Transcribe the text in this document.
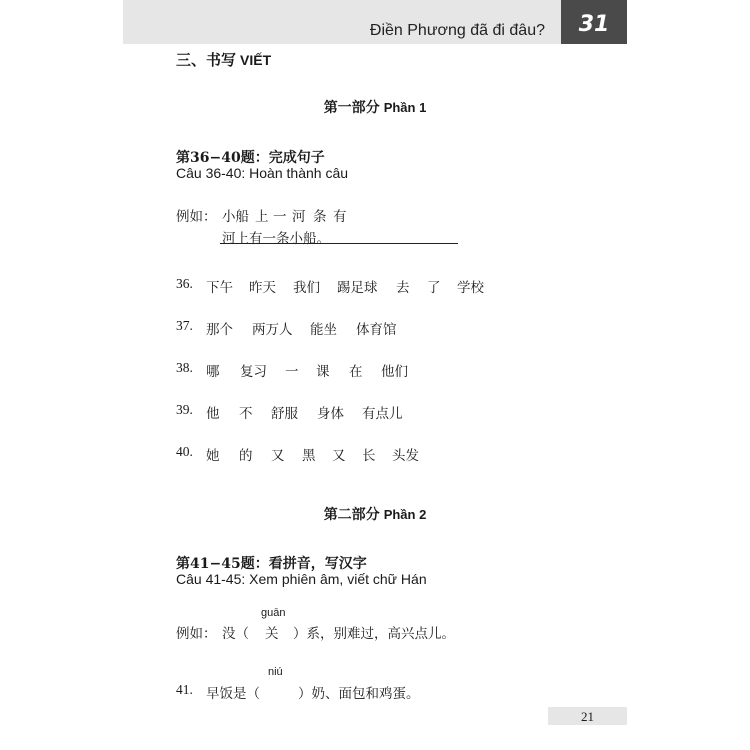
Điền Phương đã đi đâu?	31
三、书写 VIẾT
第一部分 Phần 1
第36−40题：完成句子
Câu 36-40: Hoàn thành câu
例如： 小船 上 一 河 条 有
河上有一条小船。
36. 下午 昨天 我们 踢足球 去 了 学校
37. 那个 两万人 能坐 体育馆
38. 哪 复习 一 课 在 他们
39. 他 不 舒服 身体 有点儿
40. 她 的 又 黑 又 长 头发
第二部分 Phần 2
第41−45题：看拼音，写汉字
Câu 41-45: Xem phiên âm, viết chữ Hán
guān
例如： 没（ 关 ）系，别难过，高兴点儿。
niú
41. 早饭是（	）奶、面包和鸡蛋。
21
